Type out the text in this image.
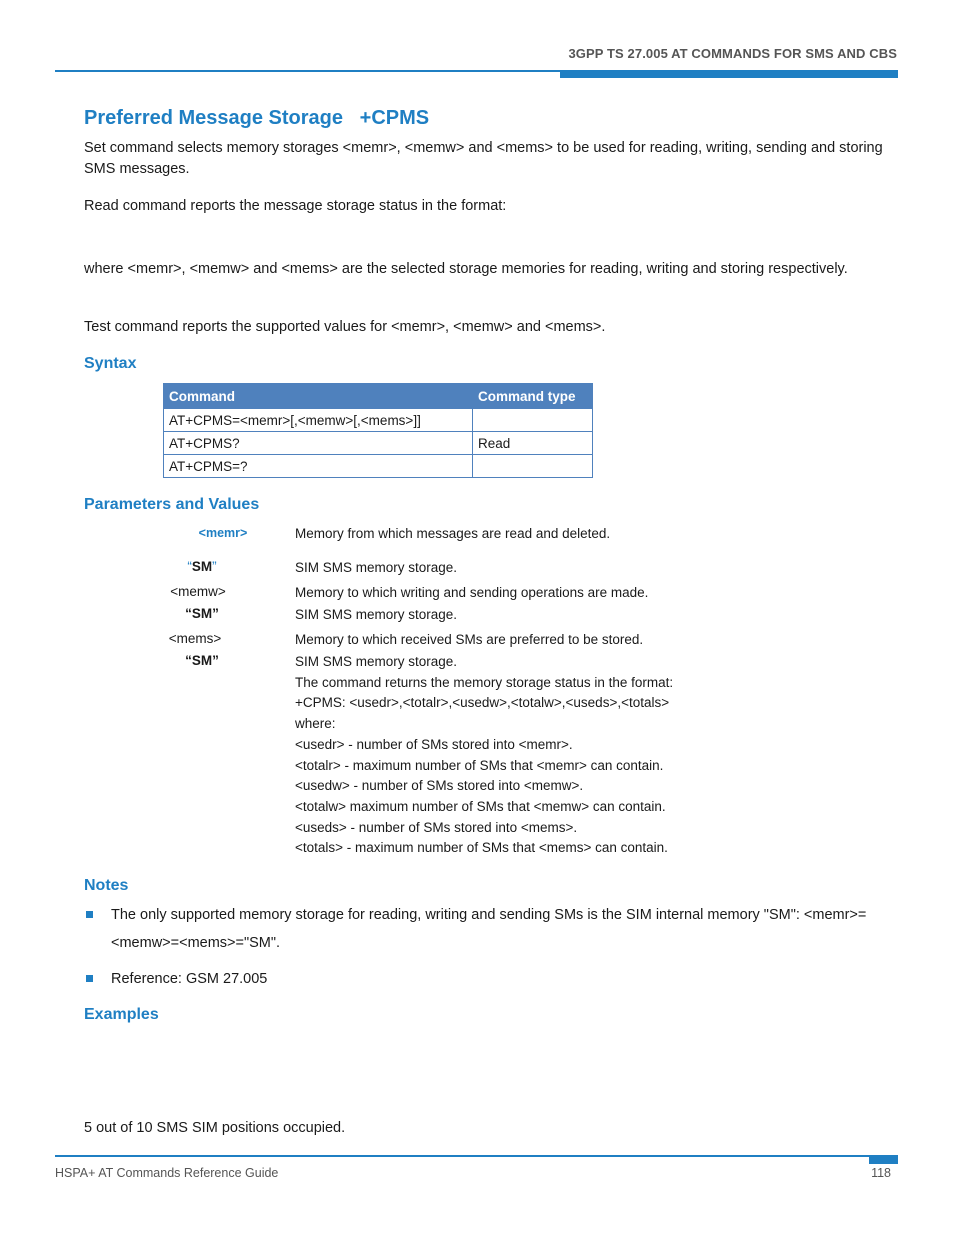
3GPP TS 27.005 AT COMMANDS FOR SMS AND CBS
Preferred Message Storage   +CPMS
Set command selects memory storages <memr>, <memw> and <mems> to be used for reading, writing, sending and storing SMS messages.
Read command reports the message storage status in the format:
where <memr>, <memw> and <mems> are the selected storage memories for reading, writing and storing respectively.
Test command reports the supported values for <memr>, <memw> and <mems>.
Syntax
Command	Command type
AT+CPMS=<memr>[,<memw>[,<mems>]]	
AT+CPMS?	Read
AT+CPMS=?	
Parameters and Values
<memr>	Memory from which messages are read and deleted.
“SM”	SIM SMS memory storage.
<memw>	Memory to which writing and sending operations are made.
“SM”	SIM SMS memory storage.
<mems>	Memory to which received SMs are preferred to be stored.
“SM”	SIM SMS memory storage.
The command returns the memory storage status in the format:
+CPMS: <usedr>,<totalr>,<usedw>,<totalw>,<useds>,<totals>
where:
<usedr> - number of SMs stored into <memr>.
<totalr> - maximum number of SMs that <memr> can contain.
<usedw> - number of SMs stored into <memw>.
<totalw> maximum number of SMs that <memw> can contain.
<useds> - number of SMs stored into <mems>.
<totals> - maximum number of SMs that <mems> can contain.
Notes
The only supported memory storage for reading, writing and sending SMs is the SIM internal memory "SM": <memr>=<memw>=<mems>="SM".
Reference: GSM 27.005
Examples
5 out of 10 SMS SIM positions occupied.
HSPA+ AT Commands Reference Guide	118
